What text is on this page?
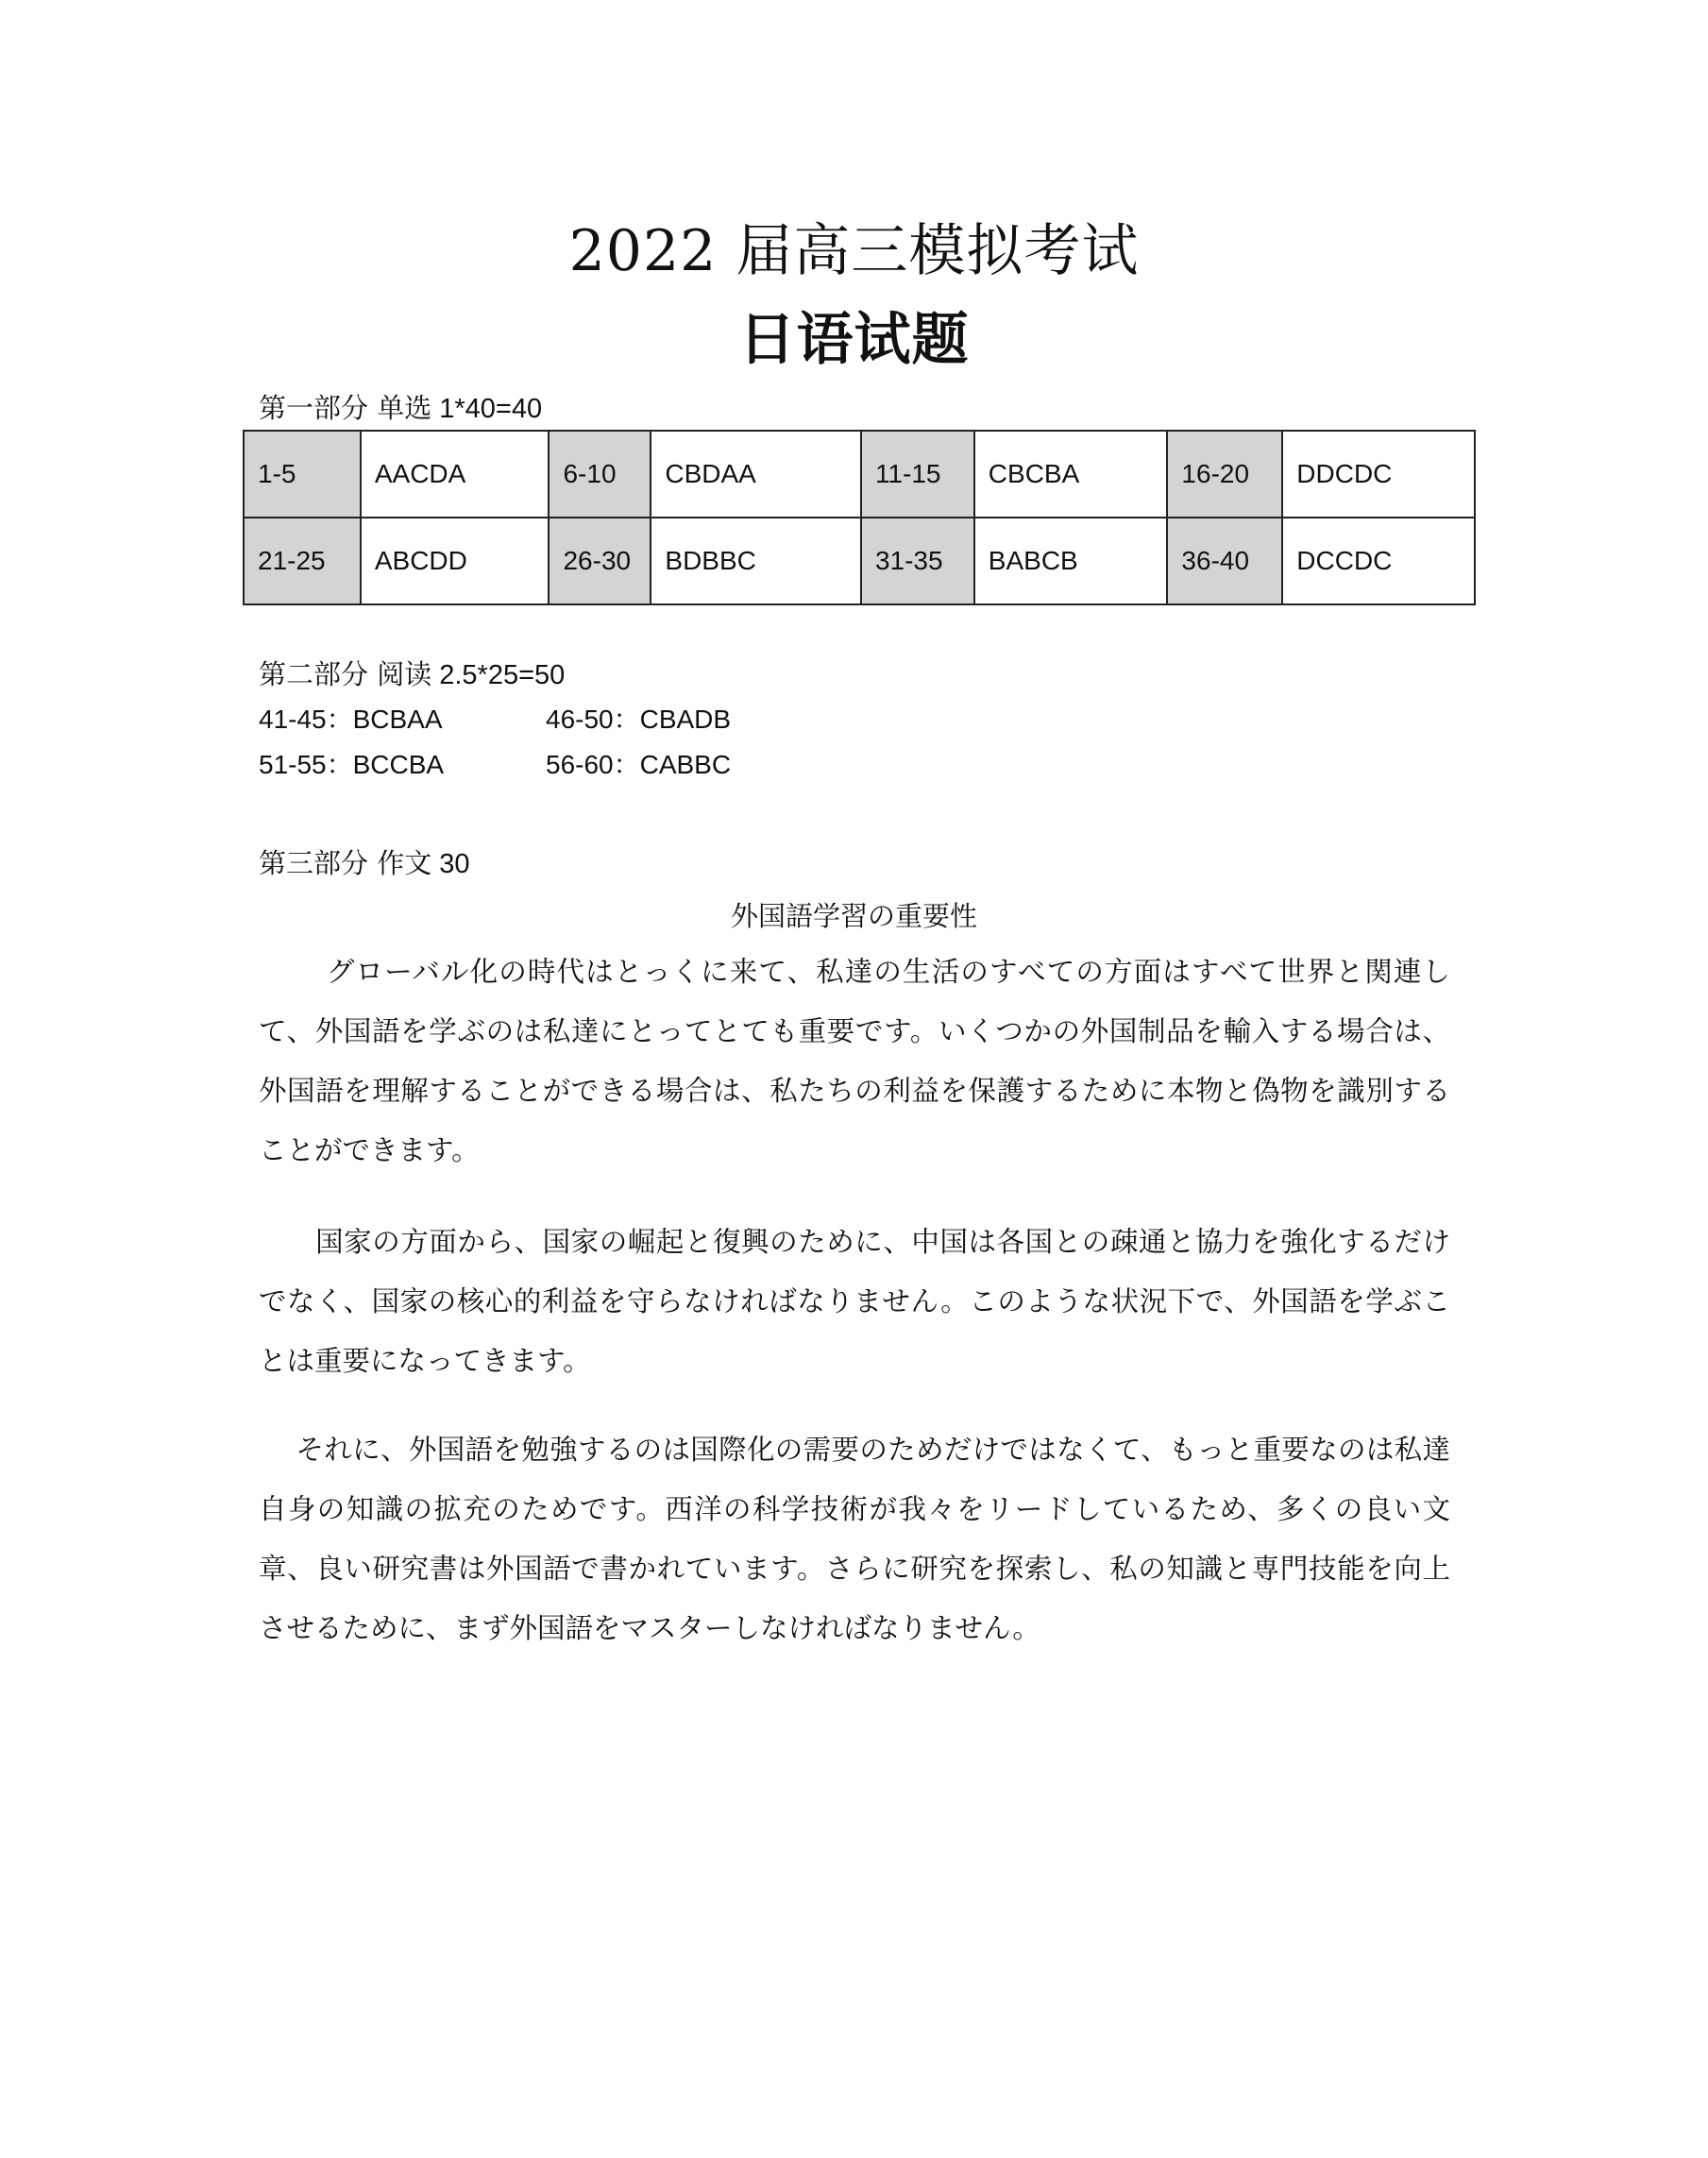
2022 届高三模拟考试
日语试题
第一部分 单选 1*40=40
1-5	AACDA	6-10	CBDAA	11-15	CBCBA	16-20	DDCDC
21-25	ABCDD	26-30	BDBBC	31-35	BABCB	36-40	DCCDC
第二部分 阅读 2.5*25=50
41-45：BCBAA	46-50：CBADB
51-55：BCCBA	56-60：CABBC
第三部分 作文 30
外国語学習の重要性

　　 グローバル化の時代はとっくに来て、私達の生活のすべての方面はすべて世界と関連して、外国語を学ぶのは私達にとってとても重要です。いくつかの外国制品を輸入する場合は、外国語を理解することができる場合は、私たちの利益を保護するために本物と偽物を識別することができます。

　　国家の方面から、国家の崛起と復興のために、中国は各国との疎通と協力を強化するだけでなく、国家の核心的利益を守らなければなりません。このような状況下で、外国語を学ぶことは重要になってきます。

　 それに、外国語を勉強するのは国際化の需要のためだけではなくて、もっと重要なのは私達自身の知識の拡充のためです。西洋の科学技術が我々をリードしているため、多くの良い文章、良い研究書は外国語で書かれています。さらに研究を探索し、私の知識と専門技能を向上させるために、まず外国語をマスターしなければなりません。
